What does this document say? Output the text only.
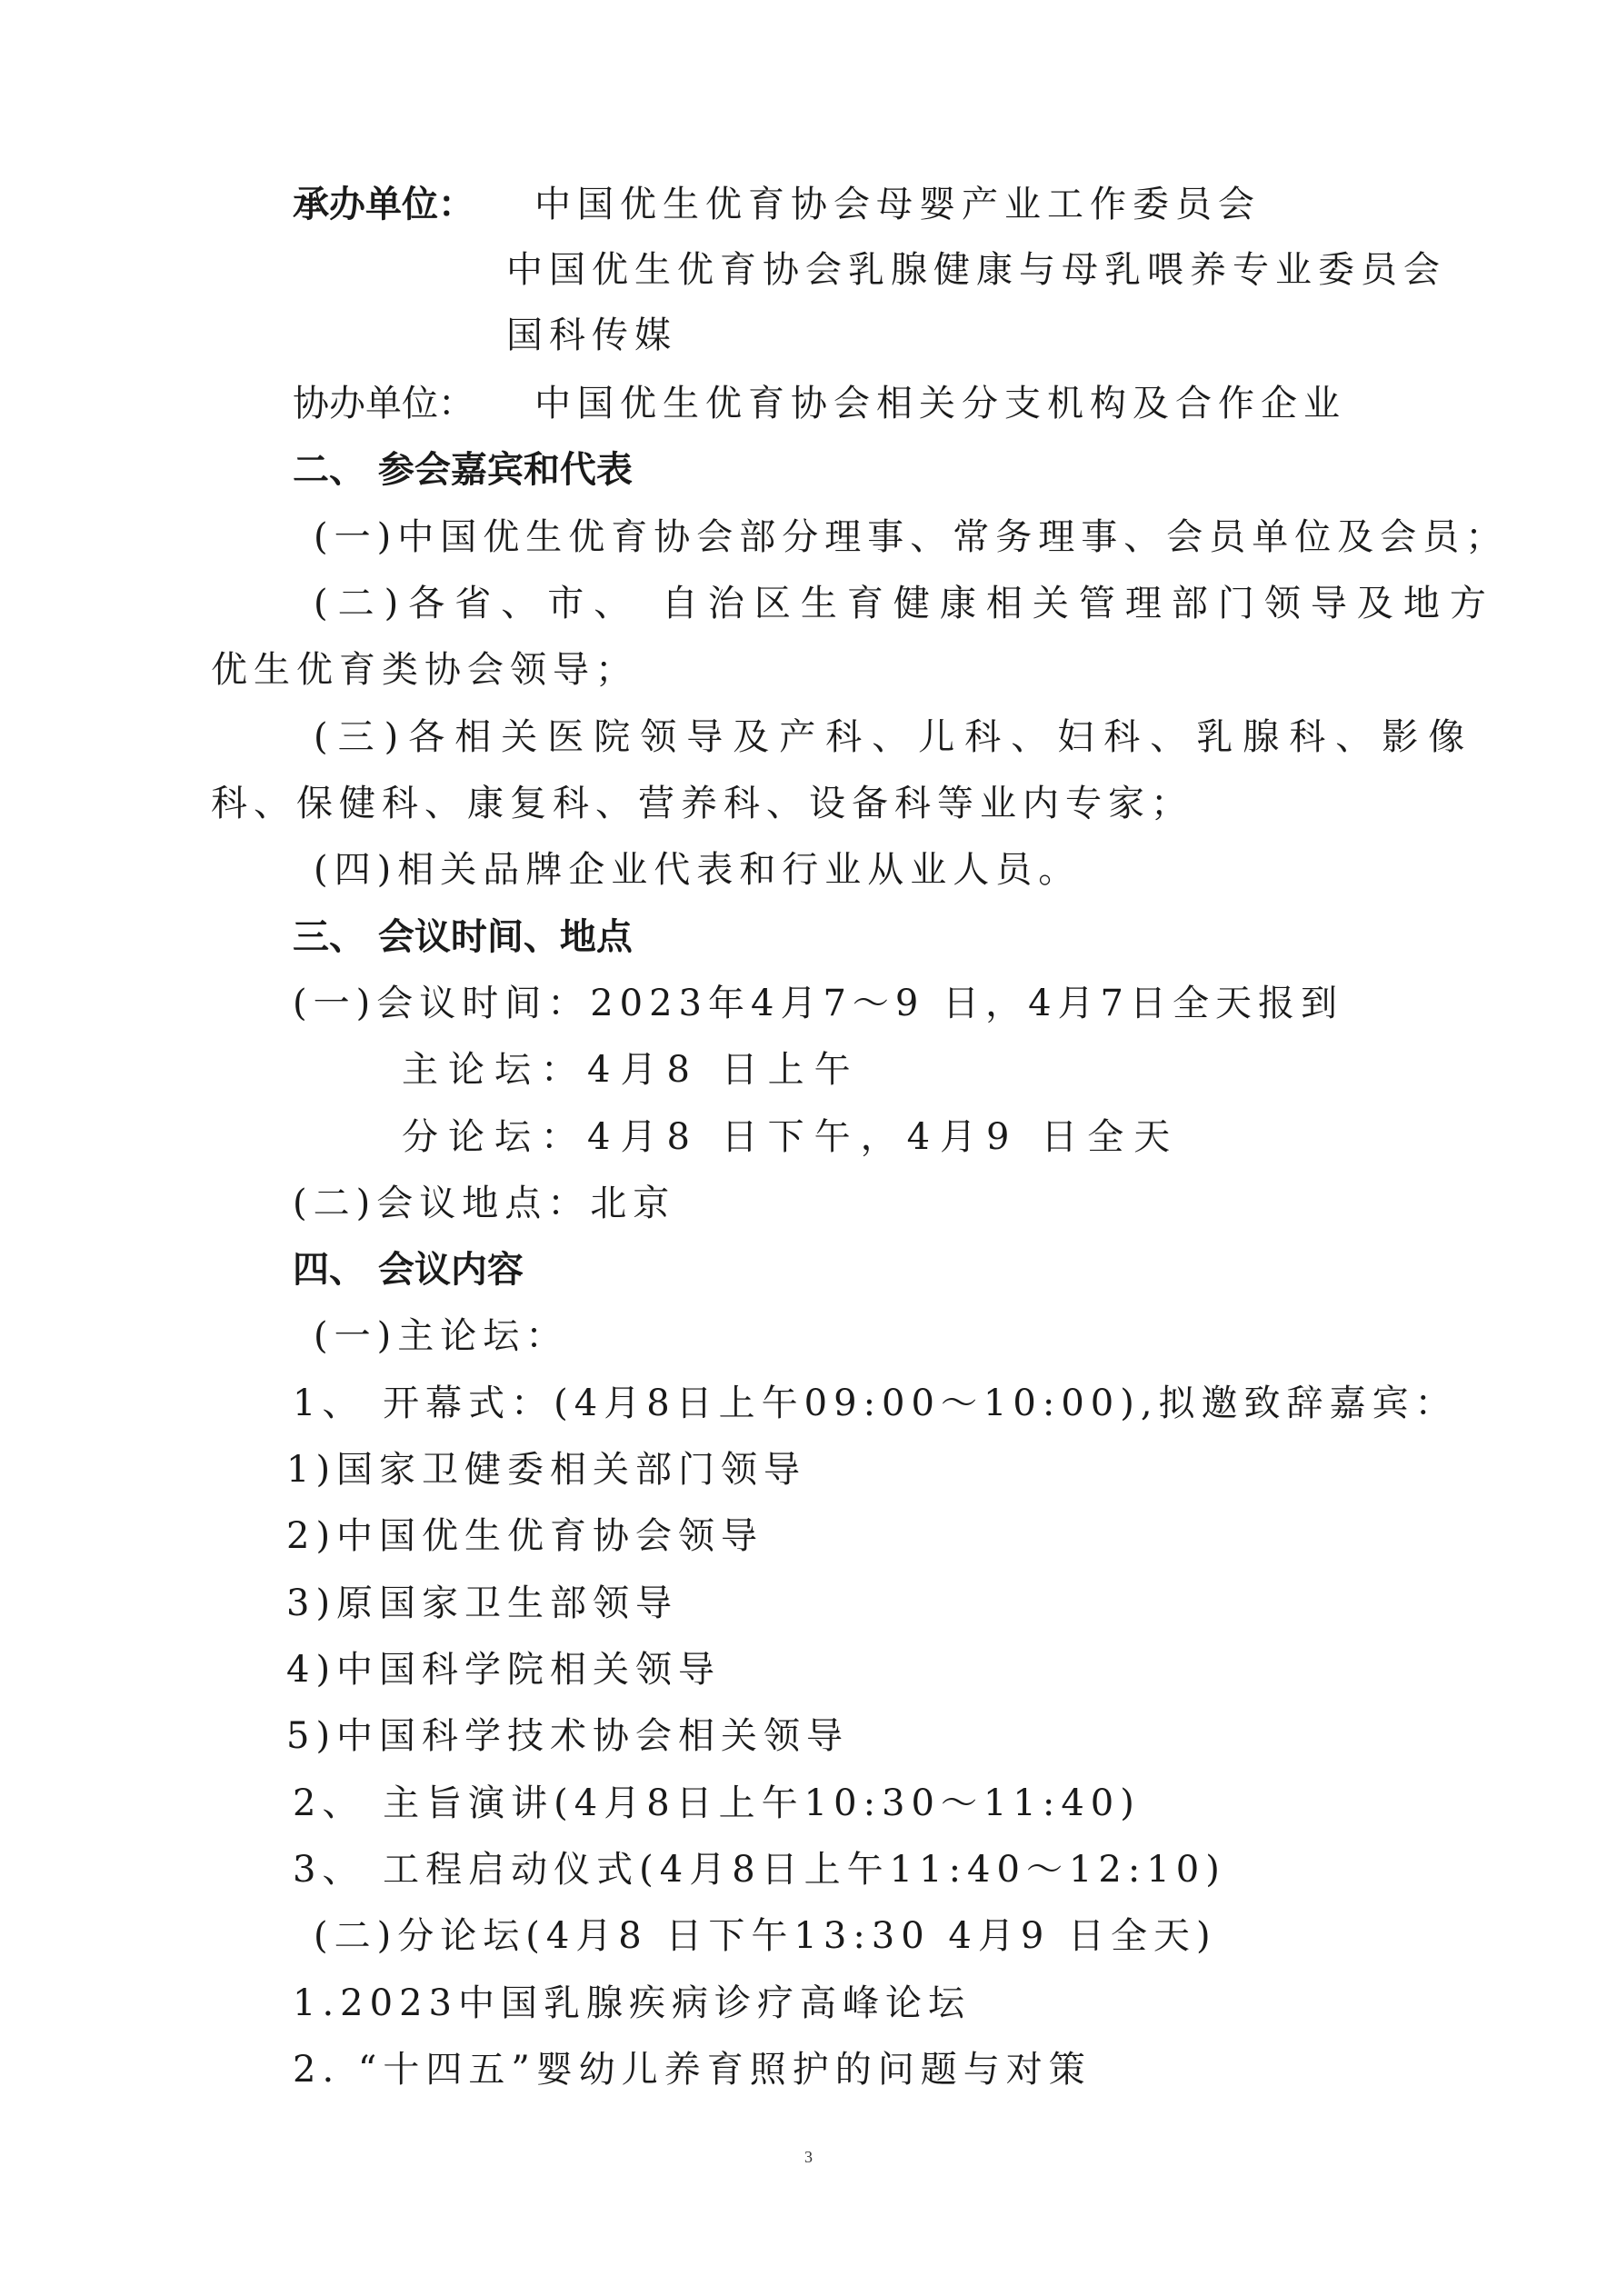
承办单位： 中国优生优育协会母婴产业工作委员会
中国优生优育协会乳腺健康与母乳喂养专业委员会
国科传媒
协办单位： 中国优生优育协会相关分支机构及合作企业
二、 参会嘉宾和代表
(一)中国优生优育协会部分理事、常务理事、会员单位及会员；
(二)各省、市、 自治区生育健康相关管理部门领导及地方
优生优育类协会领导；
(三)各相关医院领导及产科、儿科、妇科、乳腺科、影像
科、保健科、康复科、营养科、设备科等业内专家；
(四)相关品牌企业代表和行业从业人员。
三、 会议时间、地点
(一)会议时间：2023年4月7～9 日，4月7日全天报到
主论坛：4月8 日上午
分论坛：4月8 日下午，4月9 日全天
(二)会议地点：北京
四、 会议内容
(一)主论坛：
1、 开幕式：(4月8日上午09:00～10:00),拟邀致辞嘉宾：
1)国家卫健委相关部门领导
2)中国优生优育协会领导
3)原国家卫生部领导
4)中国科学院相关领导
5)中国科学技术协会相关领导
2、 主旨演讲(4月8日上午10:30～11:40)
3、 工程启动仪式(4月8日上午11:40～12:10)
(二)分论坛(4月8 日下午13:30 4月9 日全天)
1.2023中国乳腺疾病诊疗高峰论坛
2. “十四五”婴幼儿养育照护的问题与对策
3
